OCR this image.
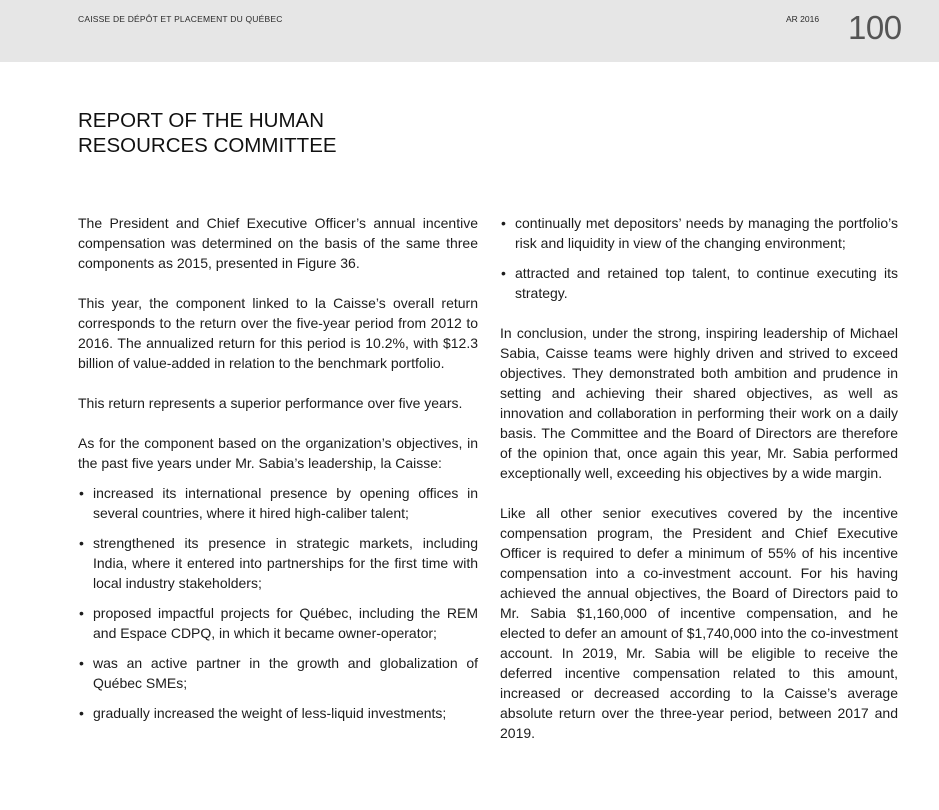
CAISSE DE DÉPÔT ET PLACEMENT DU QUÉBEC	AR 2016 100
REPORT OF THE HUMAN
RESOURCES COMMITTEE

The President and Chief Executive Officer’s annual incentive compensation was determined on the basis of the same three components as 2015, presented in Figure 36.

This year, the component linked to la Caisse’s overall return corresponds to the return over the five-year period from 2012 to 2016. The annualized return for this period is 10.2%, with $12.3 billion of value-added in relation to the benchmark portfolio.

This return represents a superior performance over five years.

As for the component based on the organization’s objectives, in the past five years under Mr. Sabia’s leadership, la Caisse:

• increased its international presence by opening offices in several countries, where it hired high-caliber talent;
• strengthened its presence in strategic markets, including India, where it entered into partnerships for the first time with local industry stakeholders;
• proposed impactful projects for Québec, including the REM and Espace CDPQ, in which it became owner-operator;
• was an active partner in the growth and globalization of Québec SMEs;
• gradually increased the weight of less-liquid investments;
• continually met depositors’ needs by managing the portfolio’s risk and liquidity in view of the changing environment;
• attracted and retained top talent, to continue executing its strategy.

In conclusion, under the strong, inspiring leadership of Michael Sabia, Caisse teams were highly driven and strived to exceed objectives. They demonstrated both ambition and prudence in setting and achieving their shared objectives, as well as innovation and collaboration in performing their work on a daily basis. The Committee and the Board of Directors are therefore of the opinion that, once again this year, Mr. Sabia performed exceptionally well, exceeding his objectives by a wide margin.

Like all other senior executives covered by the incentive compensation program, the President and Chief Executive Officer is required to defer a minimum of 55% of his incentive compensation into a co-investment account. For his having achieved the annual objectives, the Board of Directors paid to Mr. Sabia $1,160,000 of incentive compensation, and he elected to defer an amount of $1,740,000 into the co-investment account. In 2019, Mr. Sabia will be eligible to receive the deferred incentive compensation related to this amount, increased or decreased according to la Caisse’s average absolute return over the three-year period, between 2017 and 2019.
